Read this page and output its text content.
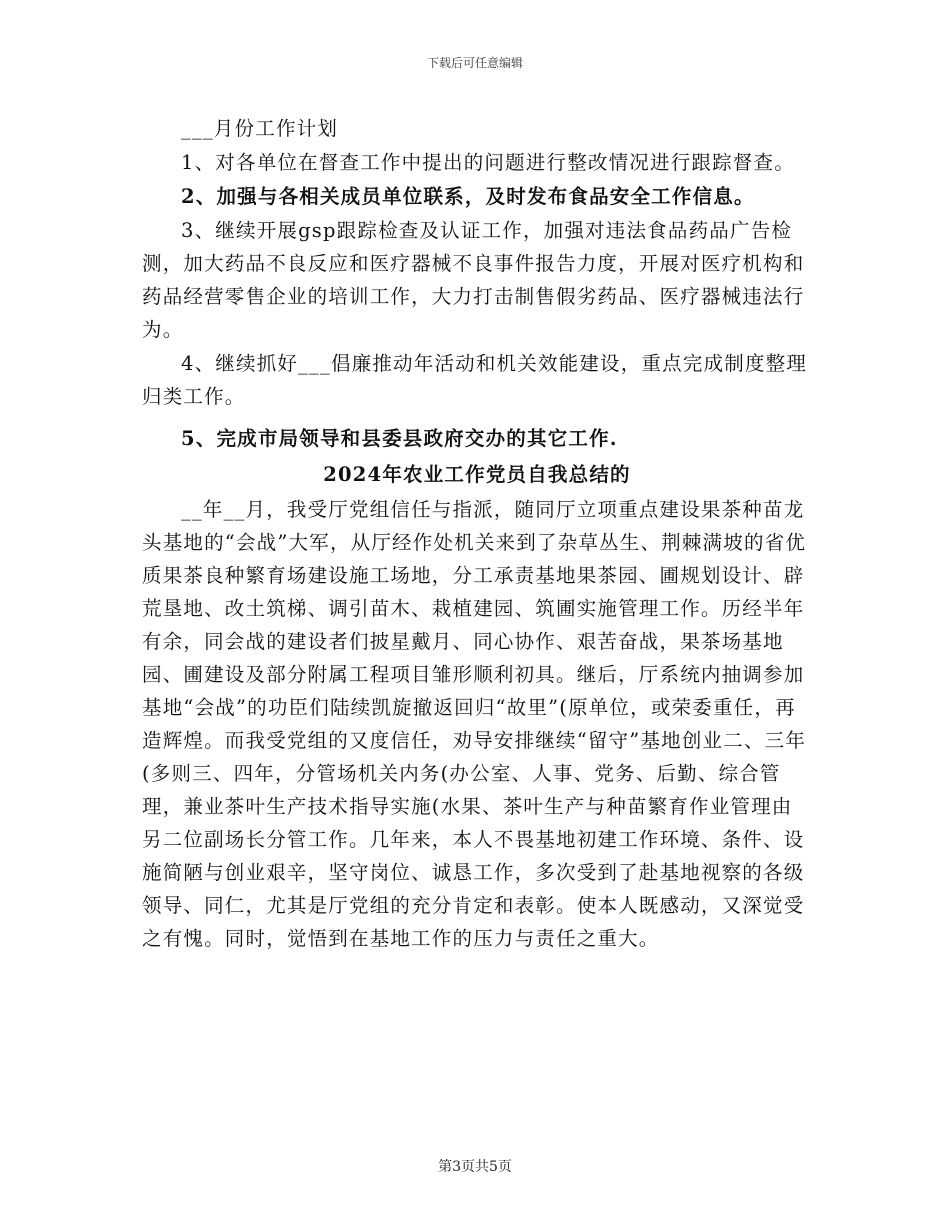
下载后可任意编辑
___月份工作计划
1、对各单位在督查工作中提出的问题进行整改情况进行跟踪督查。
2、加强与各相关成员单位联系，及时发布食品安全工作信息。
3、继续开展gsp跟踪检查及认证工作，加强对违法食品药品广告检测，加大药品不良反应和医疗器械不良事件报告力度，开展对医疗机构和药品经营零售企业的培训工作，大力打击制售假劣药品、医疗器械违法行为。
4、继续抓好___倡廉推动年活动和机关效能建设，重点完成制度整理归类工作。
5、完成市局领导和县委县政府交办的其它工作.
2024年农业工作党员自我总结的
__年__月，我受厅党组信任与指派，随同厅立项重点建设果茶种苗龙头基地的“会战”大军，从厅经作处机关来到了杂草丛生、荆棘满坡的省优质果茶良种繁育场建设施工场地，分工承责基地果茶园、圃规划设计、辟荒垦地、改土筑梯、调引苗木、栽植建园、筑圃实施管理工作。历经半年有余，同会战的建设者们披星戴月、同心协作、艰苦奋战，果茶场基地园、圃建设及部分附属工程项目雏形顺利初具。继后，厅系统内抽调参加基地“会战”的功臣们陆续凯旋撤返回归“故里”(原单位，或荣委重任，再造辉煌。而我受党组的又度信任，劝导安排继续“留守”基地创业二、三年(多则三、四年，分管场机关内务(办公室、人事、党务、后勤、综合管理，兼业茶叶生产技术指导实施(水果、茶叶生产与种苗繁育作业管理由另二位副场长分管工作。几年来，本人不畏基地初建工作环境、条件、设施简陋与创业艰辛，坚守岗位、诚恳工作，多次受到了赴基地视察的各级领导、同仁，尤其是厅党组的充分肯定和表彰。使本人既感动，又深觉受之有愧。同时，觉悟到在基地工作的压力与责任之重大。
第3页共5页
